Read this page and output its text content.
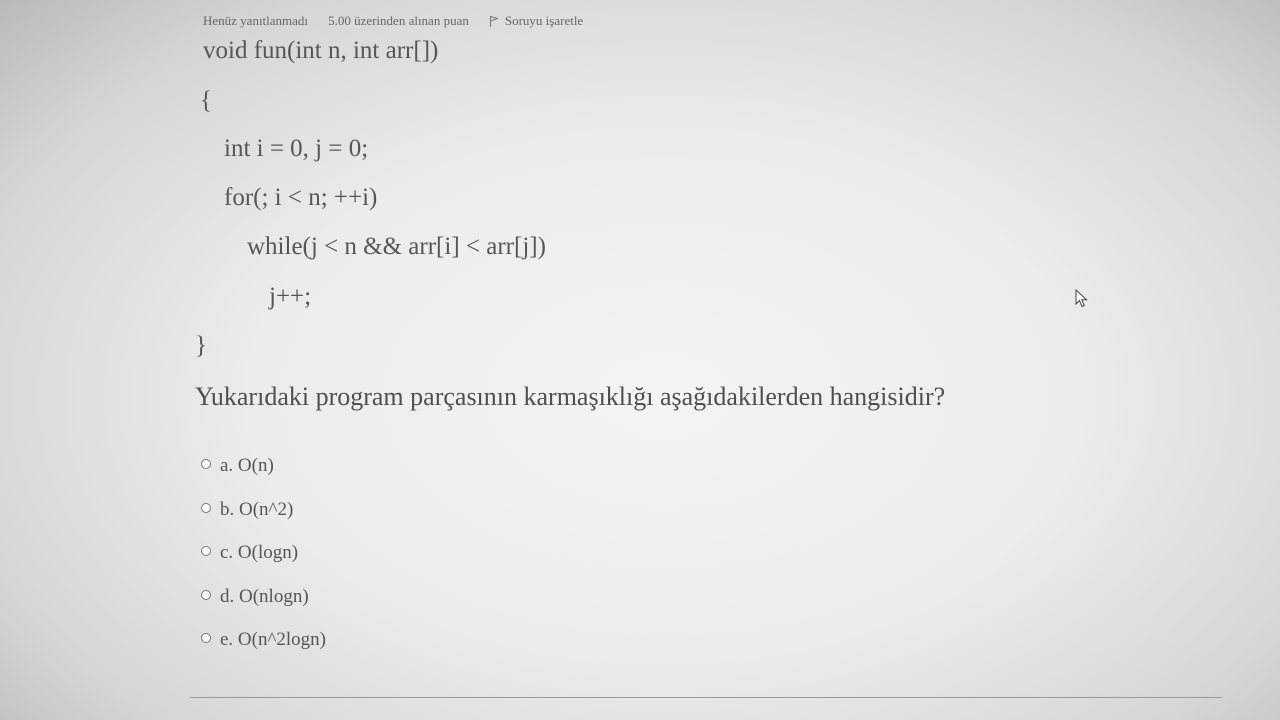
Henüz yanıtlanmadı 5.00 üzerinden alınan puan	Soruyu işaretle
void fun(int n, int arr[])
{
int i = 0, j = 0;
for(; i < n; ++i)
while(j < n && arr[i] < arr[j])
j++;
}
Yukarıdaki program parçasının karmaşıklığı aşağıdakilerden hangisidir?
a. O(n)
b. O(n^2)
c. O(logn)
d. O(nlogn)
e. O(n^2logn)
